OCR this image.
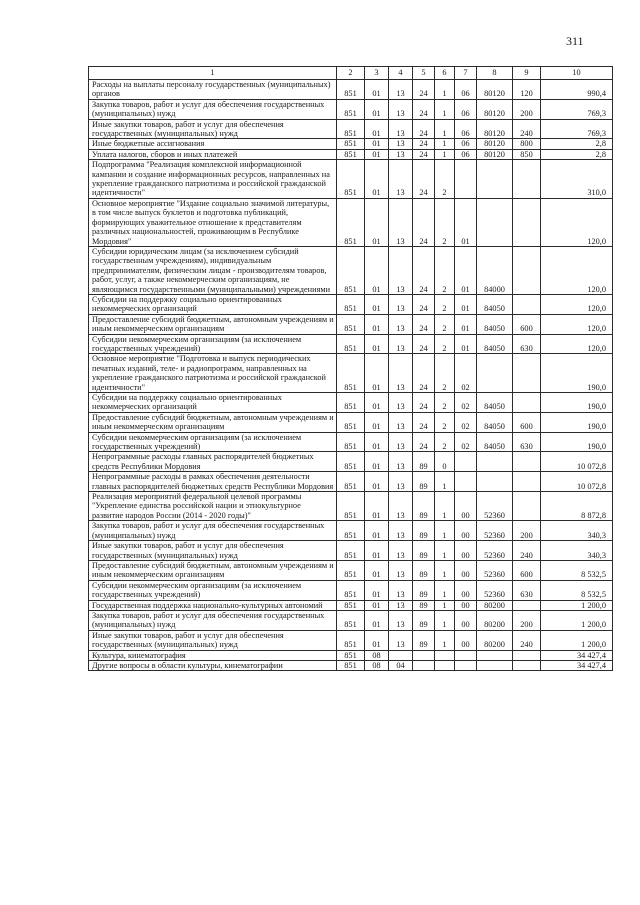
311
1	2	3	4	5	6	7	8	9	10
Расходы на выплаты персоналу государственных (муниципальных) органов	851	01	13	24	1	06	80120	120	990,4
Закупка товаров, работ и услуг для обеспечения государственных (муниципальных) нужд	851	01	13	24	1	06	80120	200	769,3
Иные закупки товаров, работ и услуг для обеспечения государственных (муниципальных) нужд	851	01	13	24	1	06	80120	240	769,3
Иные бюджетные ассигнования	851	01	13	24	1	06	80120	800	2,8
Уплата налогов, сборов и иных платежей	851	01	13	24	1	06	80120	850	2,8
Подпрограмма "Реализация комплексной информационной кампании и создание информационных ресурсов, направленных на укрепление гражданского патриотизма и российской гражданской идентичности"	851	01	13	24	2				310,0
Основное мероприятие "Издание социально значимой литературы, в том числе выпуск буклетов и подготовка публикаций, формирующих уважительное отношение к представителям различных национальностей, проживающим в Республике Мордовия"	851	01	13	24	2	01			120,0
Субсидии юридическим лицам (за исключением субсидий государственным учреждениям), индивидуальным предпринимателям, физическим лицам - производителям товаров, работ, услуг, а также некоммерческим организациям, не являющимся государственными (муниципальными) учреждениями	851	01	13	24	2	01	84000		120,0
Субсидии на поддержку социально ориентированных некоммерческих организаций	851	01	13	24	2	01	84050		120,0
Предоставление субсидий бюджетным, автономным учреждениям и иным некоммерческим организациям	851	01	13	24	2	01	84050	600	120,0
Субсидии некоммерческим организациям (за исключением государственных учреждений)	851	01	13	24	2	01	84050	630	120,0
Основное мероприятие "Подготовка и выпуск периодических печатных изданий, теле- и радиопрограмм, направленных на укрепление гражданского патриотизма и российской гражданской идентичности"	851	01	13	24	2	02			190,0
Субсидии на поддержку социально ориентированных некоммерческих организаций	851	01	13	24	2	02	84050		190,0
Предоставление субсидий бюджетным, автономным учреждениям и иным некоммерческим организациям	851	01	13	24	2	02	84050	600	190,0
Субсидии некоммерческим организациям (за исключением государственных учреждений)	851	01	13	24	2	02	84050	630	190,0
Непрограммные расходы главных распорядителей бюджетных средств Республики Мордовия	851	01	13	89	0				10 072,8
Непрограммные расходы в рамках обеспечения деятельности главных распорядителей бюджетных средств Республики Мордовия	851	01	13	89	1				10 072,8
Реализация мероприятий федеральной целевой программы "Укрепление единства российской нации и этнокультурное развитие народов России (2014 - 2020 годы)"	851	01	13	89	1	00	52360		8 872,8
Закупка товаров, работ и услуг для обеспечения государственных (муниципальных) нужд	851	01	13	89	1	00	52360	200	340,3
Иные закупки товаров, работ и услуг для обеспечения государственных (муниципальных) нужд	851	01	13	89	1	00	52360	240	340,3
Предоставление субсидий бюджетным, автономным учреждениям и иным некоммерческим организациям	851	01	13	89	1	00	52360	600	8 532,5
Субсидии некоммерческим организациям (за исключением государственных учреждений)	851	01	13	89	1	00	52360	630	8 532,5
Государственная поддержка национально-культурных автономий	851	01	13	89	1	00	80200		1 200,0
Закупка товаров, работ и услуг для обеспечения государственных (муниципальных) нужд	851	01	13	89	1	00	80200	200	1 200,0
Иные закупки товаров, работ и услуг для обеспечения государственных (муниципальных) нужд	851	01	13	89	1	00	80200	240	1 200,0
Культура, кинематография	851	08							34 427,4
Другие вопросы в области культуры, кинематографии	851	08	04						34 427,4
